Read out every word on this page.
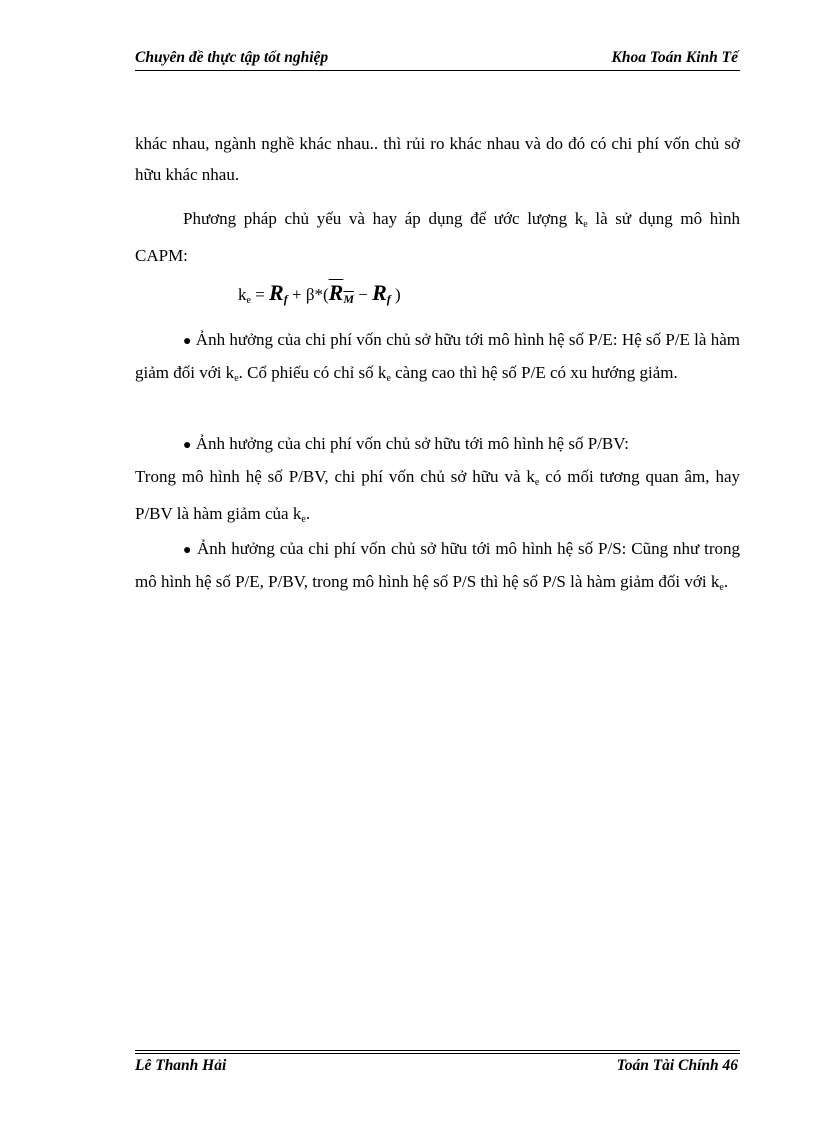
Chuyên đề thực tập tốt nghiệp	Khoa Toán Kinh Tế

khác nhau, ngành nghề khác nhau.. thì rủi ro khác nhau và do đó có chi phí vốn chủ sở hữu khác nhau.

Phương pháp chủ yếu và hay áp dụng để ước lượng $k_e$ là sử dụng mô hình CAPM:

$k_e = Rf + \beta*(RM - Rf$ )

● Ảnh hưởng của chi phí vốn chủ sở hữu tới mô hình hệ số P/E: Hệ số P/E là hàm giảm đối với $k_e$. Cổ phiếu có chỉ số $k_e$ càng cao thì hệ số P/E có xu hướng giảm.

● Ảnh hưởng của chi phí vốn chủ sở hữu tới mô hình hệ số P/BV:

Trong mô hình hệ số P/BV, chi phí vốn chủ sở hữu và $k_e$ có mối tương quan âm, hay P/BV là hàm giảm của $k_e$.

● Ảnh hưởng của chi phí vốn chủ sở hữu tới mô hình hệ số P/S: Cũng như trong mô hình hệ số P/E, P/BV, trong mô hình hệ số P/S thì hệ số P/S là hàm giảm đối với $k_e$.

Lê Thanh Hải	Toán Tài Chính 46
